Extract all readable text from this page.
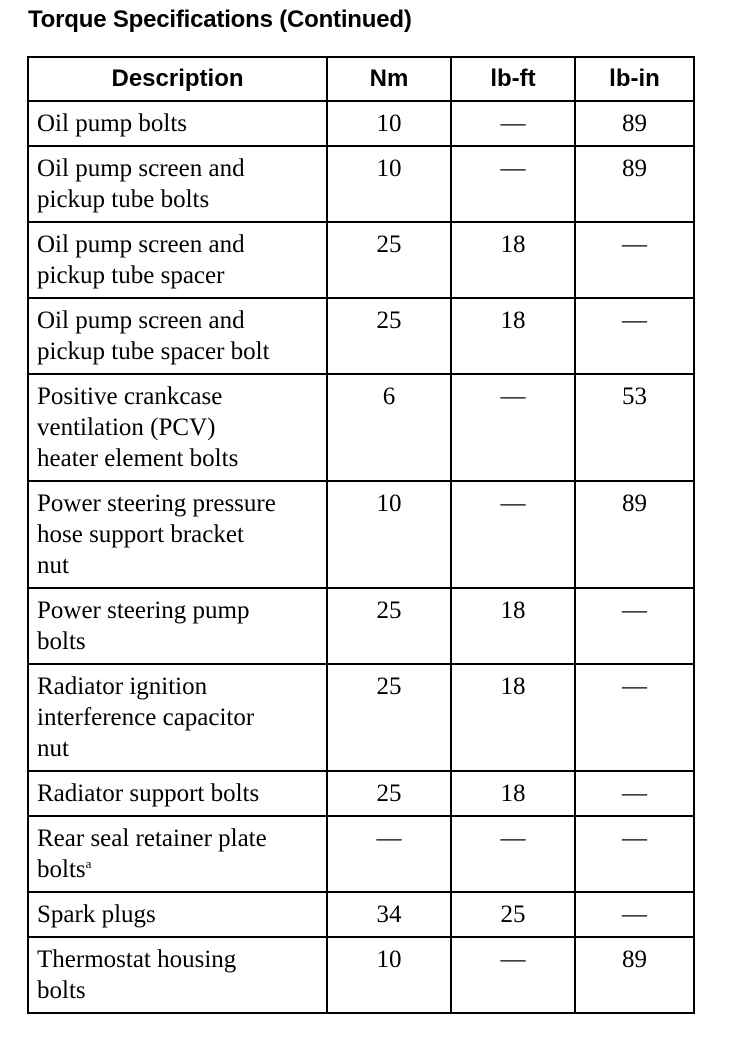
Torque Specifications (Continued)
Description	Nm	lb-ft	lb-in
Oil pump bolts	10	—	89
Oil pump screen and
pickup tube bolts	10	—	89
Oil pump screen and
pickup tube spacer	25	18	—
Oil pump screen and
pickup tube spacer bolt	25	18	—
Positive crankcase
ventilation (PCV)
heater element bolts	6	—	53
Power steering pressure
hose support bracket
nut	10	—	89
Power steering pump
bolts	25	18	—
Radiator ignition
interference capacitor
nut	25	18	—
Radiator support bolts	25	18	—
Rear seal retainer plate
bolts$^a$	—	—	—
Spark plugs	34	25	—
Thermostat housing
bolts	10	—	89
